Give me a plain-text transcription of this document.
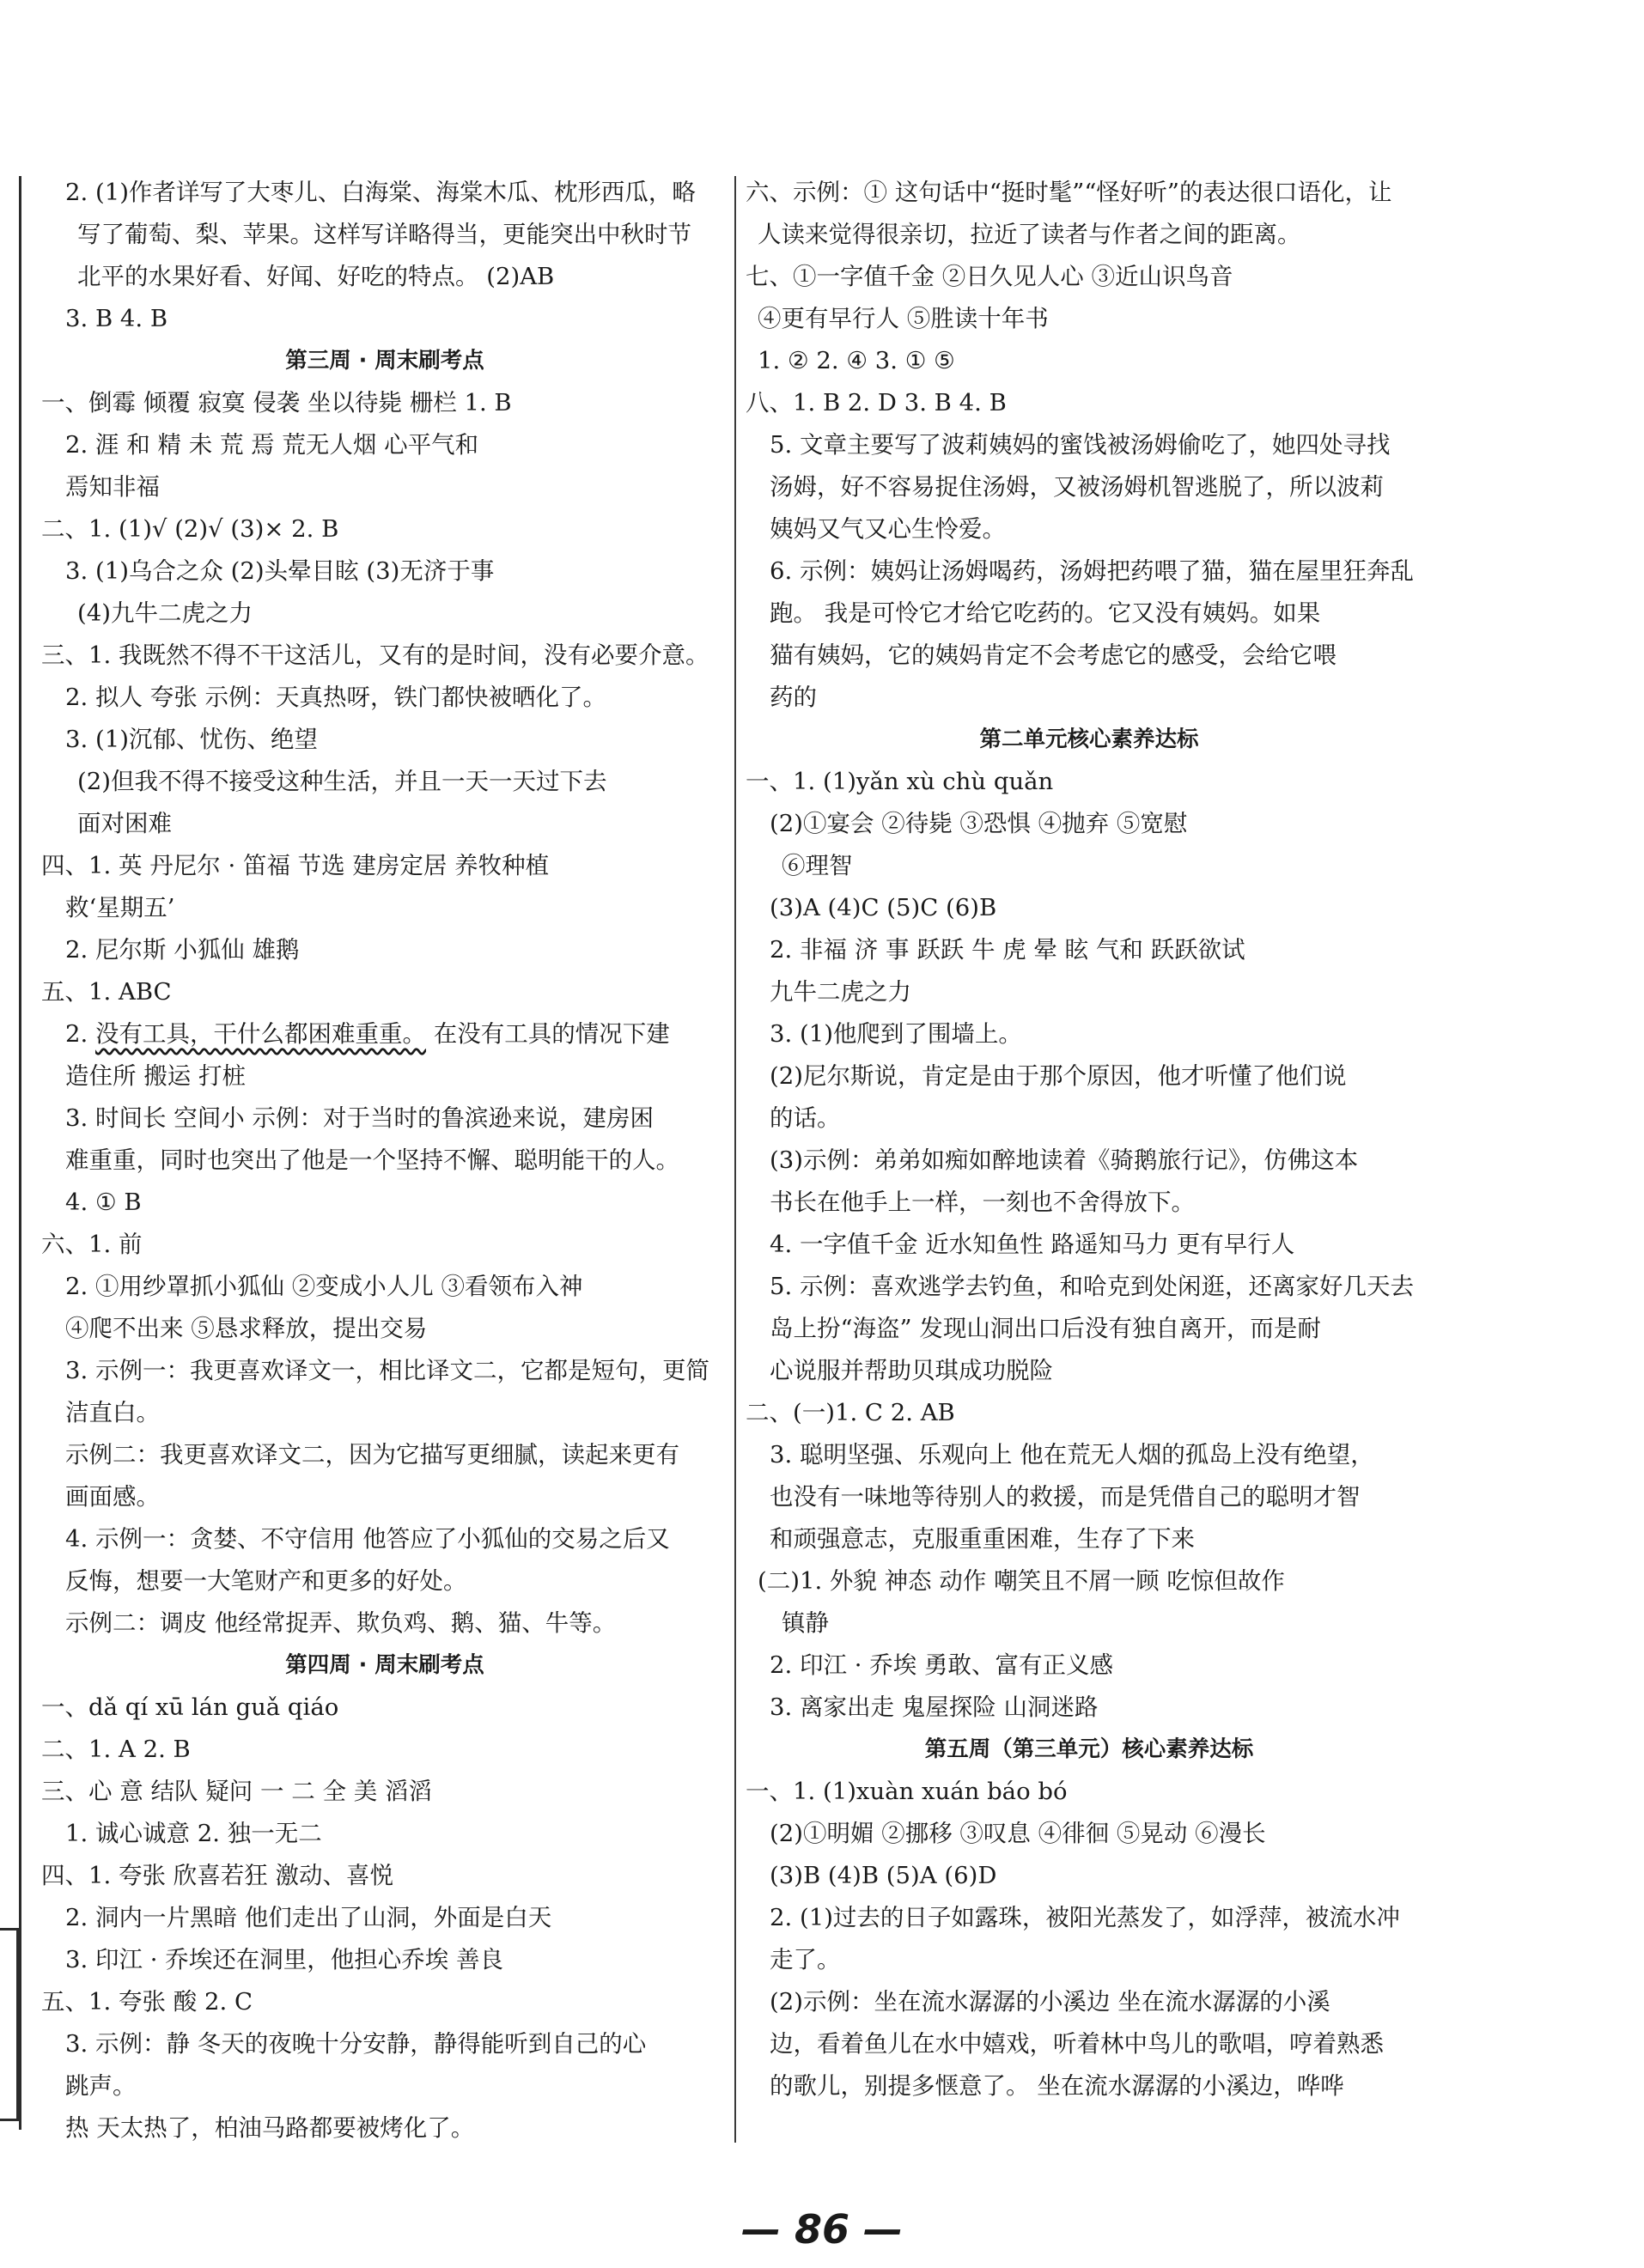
2. (1)作者详写了大枣儿、白海棠、海棠木瓜、枕形西瓜，略
写了葡萄、梨、苹果。这样写详略得当，更能突出中秋时节
北平的水果好看、好闻、好吃的特点。 (2)AB
3. B 4. B
第三周 · 周末刷考点
一、倒霉 倾覆 寂寞 侵袭 坐以待毙 栅栏 1. B
2. 涯 和 精 未 荒 焉 荒无人烟 心平气和
焉知非福
二、1. (1)√ (2)√ (3)× 2. B
3. (1)乌合之众 (2)头晕目眩 (3)无济于事
(4)九牛二虎之力
三、1. 我既然不得不干这活儿，又有的是时间，没有必要介意。
2. 拟人 夸张 示例：天真热呀，铁门都快被晒化了。
3. (1)沉郁、忧伤、绝望
(2)但我不得不接受这种生活，并且一天一天过下去
面对困难
四、1. 英 丹尼尔 · 笛福 节选 建房定居 养牧种植
救‘星期五’
2. 尼尔斯 小狐仙 雄鹅
五、1. ABC
2. 没有工具，干什么都困难重重。 在没有工具的情况下建
造住所 搬运 打桩
3. 时间长 空间小 示例：对于当时的鲁滨逊来说，建房困
难重重，同时也突出了他是一个坚持不懈、聪明能干的人。
4. ① B
六、1. 前
2. ①用纱罩抓小狐仙 ②变成小人儿 ③看领布入神
④爬不出来 ⑤恳求释放，提出交易
3. 示例一：我更喜欢译文一，相比译文二，它都是短句，更简
洁直白。
示例二：我更喜欢译文二，因为它描写更细腻，读起来更有
画面感。
4. 示例一：贪婪、不守信用 他答应了小狐仙的交易之后又
反悔，想要一大笔财产和更多的好处。
示例二：调皮 他经常捉弄、欺负鸡、鹅、猫、牛等。
第四周 · 周末刷考点
一、dǎ qí xū lán guǎ qiáo
二、1. A 2. B
三、心 意 结队 疑问 一 二 全 美 滔滔
1. 诚心诚意 2. 独一无二
四、1. 夸张 欣喜若狂 激动、喜悦
2. 洞内一片黑暗 他们走出了山洞，外面是白天
3. 印江 · 乔埃还在洞里，他担心乔埃 善良
五、1. 夸张 酸 2. C
3. 示例：静 冬天的夜晚十分安静，静得能听到自己的心
跳声。
热 天太热了，柏油马路都要被烤化了。
六、示例：① 这句话中“挺时髦”“怪好听”的表达很口语化，让
人读来觉得很亲切，拉近了读者与作者之间的距离。
七、①一字值千金 ②日久见人心 ③近山识鸟音
④更有早行人 ⑤胜读十年书
1. ② 2. ④ 3. ① ⑤
八、1. B 2. D 3. B 4. B
5. 文章主要写了波莉姨妈的蜜饯被汤姆偷吃了，她四处寻找
汤姆，好不容易捉住汤姆，又被汤姆机智逃脱了，所以波莉
姨妈又气又心生怜爱。
6. 示例：姨妈让汤姆喝药，汤姆把药喂了猫，猫在屋里狂奔乱
跑。 我是可怜它才给它吃药的。它又没有姨妈。如果
猫有姨妈，它的姨妈肯定不会考虑它的感受，会给它喂
药的
第二单元核心素养达标
一、1. (1)yǎn xù chù quǎn
(2)①宴会 ②待毙 ③恐惧 ④抛弃 ⑤宽慰
⑥理智
(3)A (4)C (5)C (6)B
2. 非福 济 事 跃跃 牛 虎 晕 眩 气和 跃跃欲试
九牛二虎之力
3. (1)他爬到了围墙上。
(2)尼尔斯说，肯定是由于那个原因，他才听懂了他们说
的话。
(3)示例：弟弟如痴如醉地读着《骑鹅旅行记》，仿佛这本
书长在他手上一样，一刻也不舍得放下。
4. 一字值千金 近水知鱼性 路遥知马力 更有早行人
5. 示例：喜欢逃学去钓鱼，和哈克到处闲逛，还离家好几天去
岛上扮“海盗” 发现山洞出口后没有独自离开，而是耐
心说服并帮助贝琪成功脱险
二、(一)1. C 2. AB
3. 聪明坚强、乐观向上 他在荒无人烟的孤岛上没有绝望，
也没有一味地等待别人的救援，而是凭借自己的聪明才智
和顽强意志，克服重重困难，生存了下来
(二)1. 外貌 神态 动作 嘲笑且不屑一顾 吃惊但故作
镇静
2. 印江 · 乔埃 勇敢、富有正义感
3. 离家出走 鬼屋探险 山洞迷路
第五周（第三单元）核心素养达标
一、1. (1)xuàn xuán báo bó
(2)①明媚 ②挪移 ③叹息 ④徘徊 ⑤晃动 ⑥漫长
(3)B (4)B (5)A (6)D
2. (1)过去的日子如露珠，被阳光蒸发了，如浮萍，被流水冲
走了。
(2)示例：坐在流水潺潺的小溪边 坐在流水潺潺的小溪
边，看着鱼儿在水中嬉戏，听着林中鸟儿的歌唱，哼着熟悉
的歌儿，别提多惬意了。 坐在流水潺潺的小溪边，哗哗
— 86 —
